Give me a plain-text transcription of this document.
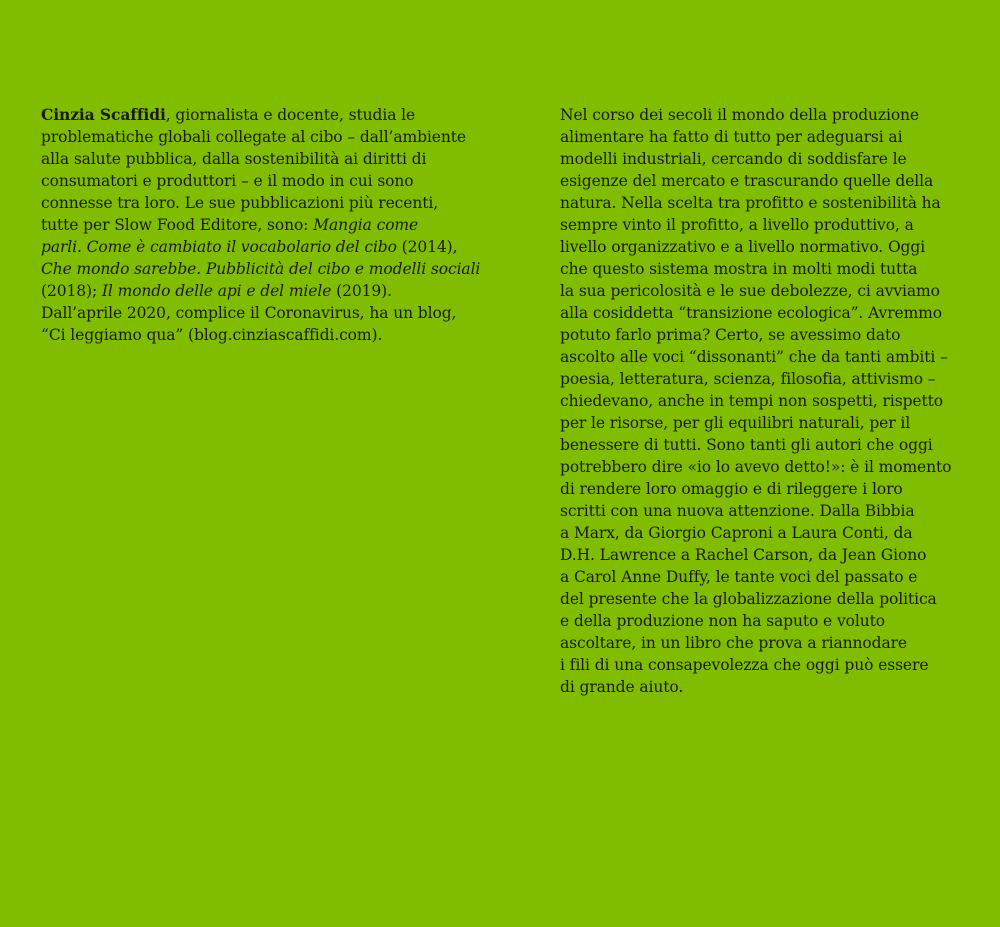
Cinzia Scaffidi, giornalista e docente, studia le
problematiche globali collegate al cibo – dall’ambiente
alla salute pubblica, dalla sostenibilità ai diritti di
consumatori e produttori – e il modo in cui sono
connesse tra loro. Le sue pubblicazioni più recenti,
tutte per Slow Food Editore, sono: Mangia come
parli. Come è cambiato il vocabolario del cibo (2014),
Che mondo sarebbe. Pubblicità del cibo e modelli sociali
(2018); Il mondo delle api e del miele (2019).
Dall’aprile 2020, complice il Coronavirus, ha un blog,
“Ci leggiamo qua” (blog.cinziascaffidi.com).
Nel corso dei secoli il mondo della produzione
alimentare ha fatto di tutto per adeguarsi ai
modelli industriali, cercando di soddisfare le
esigenze del mercato e trascurando quelle della
natura. Nella scelta tra profitto e sostenibilità ha
sempre vinto il profitto, a livello produttivo, a
livello organizzativo e a livello normativo. Oggi
che questo sistema mostra in molti modi tutta
la sua pericolosità e le sue debolezze, ci avviamo
alla cosiddetta “transizione ecologica”. Avremmo
potuto farlo prima? Certo, se avessimo dato
ascolto alle voci “dissonanti” che da tanti ambiti –
poesia, letteratura, scienza, filosofia, attivismo –
chiedevano, anche in tempi non sospetti, rispetto
per le risorse, per gli equilibri naturali, per il
benessere di tutti. Sono tanti gli autori che oggi
potrebbero dire «io lo avevo detto!»: è il momento
di rendere loro omaggio e di rileggere i loro
scritti con una nuova attenzione. Dalla Bibbia
a Marx, da Giorgio Caproni a Laura Conti, da
D.H. Lawrence a Rachel Carson, da Jean Giono
a Carol Anne Duffy, le tante voci del passato e
del presente che la globalizzazione della politica
e della produzione non ha saputo e voluto
ascoltare, in un libro che prova a riannodare
i fili di una consapevolezza che oggi può essere
di grande aiuto.
